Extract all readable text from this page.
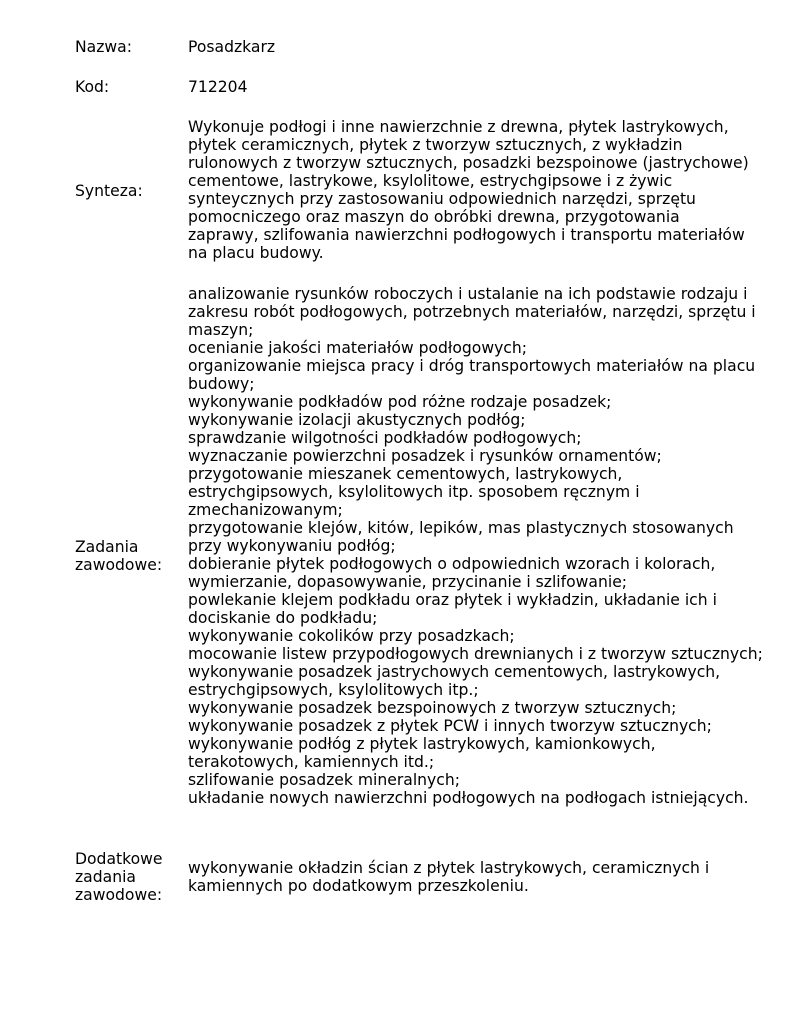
Nazwa:	Posadzkarz
Kod:	712204
Synteza:
Wykonuje podłogi i inne nawierzchnie z drewna, płytek lastrykowych, płytek ceramicznych, płytek z tworzyw sztucznych, z wykładzin rulonowych z tworzyw sztucznych, posadzki bezspoinowe (jastrychowe) cementowe, lastrykowe, ksylolitowe, estrychgipsowe i z żywic synteycznych przy zastosowaniu odpowiednich narzędzi, sprzętu pomocniczego oraz maszyn do obróbki drewna, przygotowania zaprawy, szlifowania nawierzchni podłogowych i transportu materiałów na placu budowy.
Zadania zawodowe:
analizowanie rysunków roboczych i ustalanie na ich podstawie rodzaju i zakresu robót podłogowych, potrzebnych materiałów, narzędzi, sprzętu i maszyn;
ocenianie jakości materiałów podłogowych;
organizowanie miejsca pracy i dróg transportowych materiałów na placu budowy;
wykonywanie podkładów pod różne rodzaje posadzek;
wykonywanie izolacji akustycznych podłóg;
sprawdzanie wilgotności podkładów podłogowych;
wyznaczanie powierzchni posadzek i rysunków ornamentów;
przygotowanie mieszanek cementowych, lastrykowych, estrychgipsowych, ksylolitowych itp. sposobem ręcznym i zmechanizowanym;
przygotowanie klejów, kitów, lepików, mas plastycznych stosowanych przy wykonywaniu podłóg;
dobieranie płytek podłogowych o odpowiednich wzorach i kolorach, wymierzanie, dopasowywanie, przycinanie i szlifowanie;
powlekanie klejem podkładu oraz płytek i wykładzin, układanie ich i dociskanie do podkładu;
wykonywanie cokolików przy posadzkach;
mocowanie listew przypodłogowych drewnianych i z tworzyw sztucznych;
wykonywanie posadzek jastrychowych cementowych, lastrykowych, estrychgipsowych, ksylolitowych itp.;
wykonywanie posadzek bezspoinowych z tworzyw sztucznych;
wykonywanie posadzek z płytek PCW i innych tworzyw sztucznych;
wykonywanie podłóg z płytek lastrykowych, kamionkowych, terakotowych, kamiennych itd.;
szlifowanie posadzek mineralnych;
układanie nowych nawierzchni podłogowych na podłogach istniejących.
Dodatkowe zadania zawodowe:
wykonywanie okładzin ścian z płytek lastrykowych, ceramicznych i kamiennych po dodatkowym przeszkoleniu.
